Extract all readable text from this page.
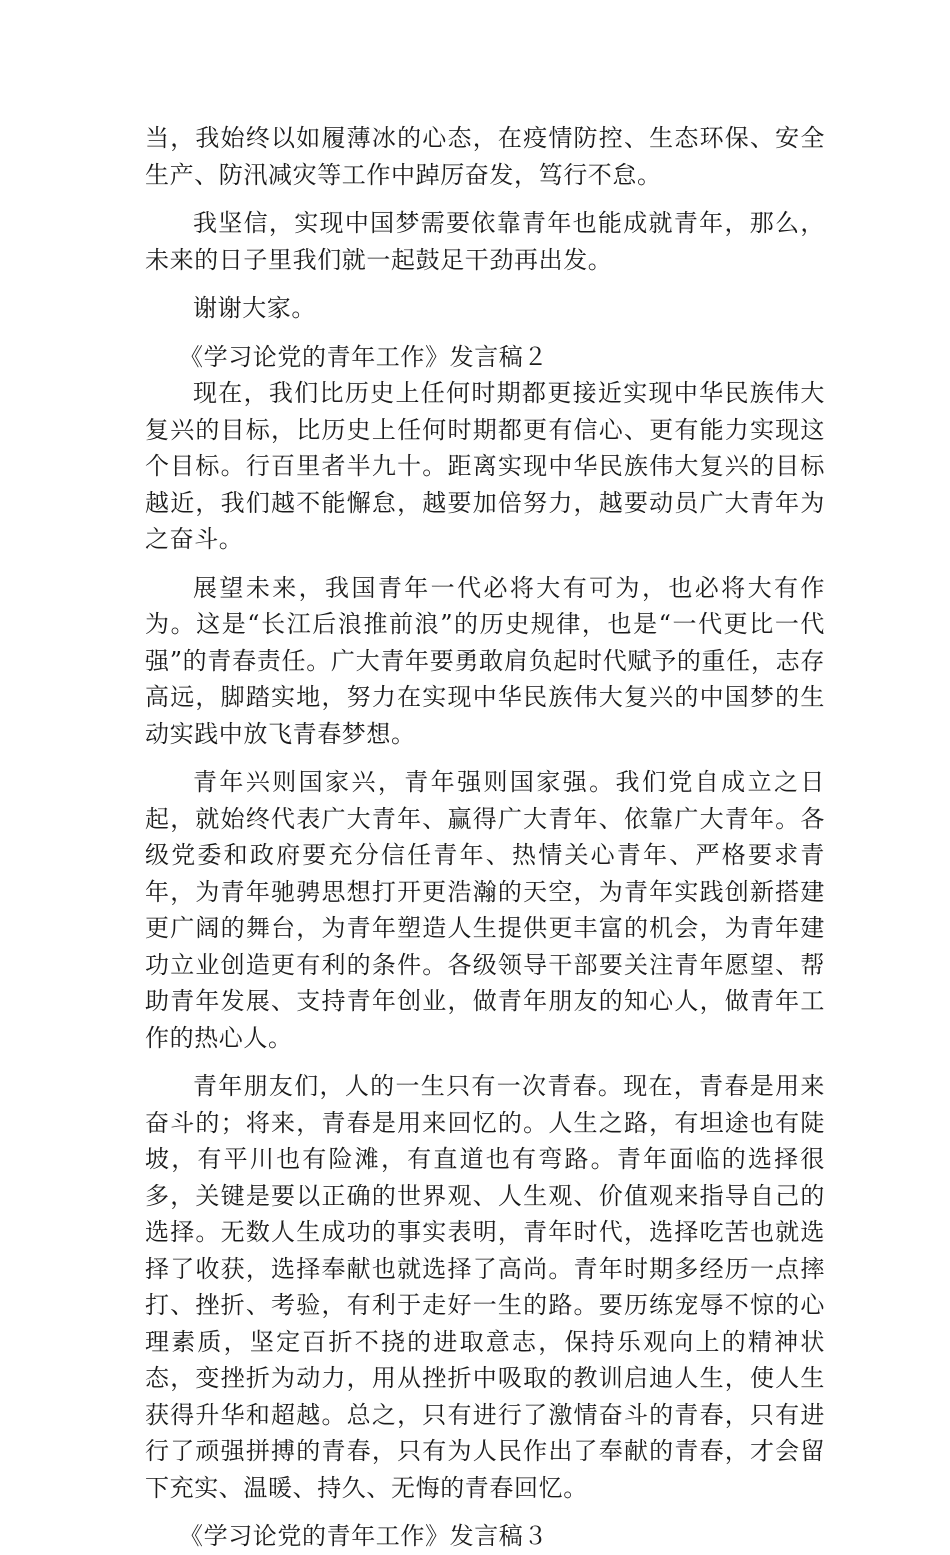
当，我始终以如履薄冰的心态，在疫情防控、生态环保、安全生产、防汛减灾等工作中踔厉奋发，笃行不怠。

我坚信，实现中国梦需要依靠青年也能成就青年，那么，未来的日子里我们就一起鼓足干劲再出发。

谢谢大家。

《学习论党的青年工作》发言稿２

现在，我们比历史上任何时期都更接近实现中华民族伟大复兴的目标，比历史上任何时期都更有信心、更有能力实现这个目标。行百里者半九十。距离实现中华民族伟大复兴的目标越近，我们越不能懈怠，越要加倍努力，越要动员广大青年为之奋斗。

展望未来，我国青年一代必将大有可为，也必将大有作为。这是“长江后浪推前浪”的历史规律，也是“一代更比一代强”的青春责任。广大青年要勇敢肩负起时代赋予的重任，志存高远，脚踏实地，努力在实现中华民族伟大复兴的中国梦的生动实践中放飞青春梦想。

青年兴则国家兴，青年强则国家强。我们党自成立之日起，就始终代表广大青年、赢得广大青年、依靠广大青年。各级党委和政府要充分信任青年、热情关心青年、严格要求青年，为青年驰骋思想打开更浩瀚的天空，为青年实践创新搭建更广阔的舞台，为青年塑造人生提供更丰富的机会，为青年建功立业创造更有利的条件。各级领导干部要关注青年愿望、帮助青年发展、支持青年创业，做青年朋友的知心人，做青年工作的热心人。

青年朋友们，人的一生只有一次青春。现在，青春是用来奋斗的；将来，青春是用来回忆的。人生之路，有坦途也有陡坡，有平川也有险滩，有直道也有弯路。青年面临的选择很多，关键是要以正确的世界观、人生观、价值观来指导自己的选择。无数人生成功的事实表明，青年时代，选择吃苦也就选择了收获，选择奉献也就选择了高尚。青年时期多经历一点摔打、挫折、考验，有利于走好一生的路。要历练宠辱不惊的心理素质，坚定百折不挠的进取意志，保持乐观向上的精神状态，变挫折为动力，用从挫折中吸取的教训启迪人生，使人生获得升华和超越。总之，只有进行了激情奋斗的青春，只有进行了顽强拼搏的青春，只有为人民作出了奉献的青春，才会留下充实、温暖、持久、无悔的青春回忆。

《学习论党的青年工作》发言稿３
